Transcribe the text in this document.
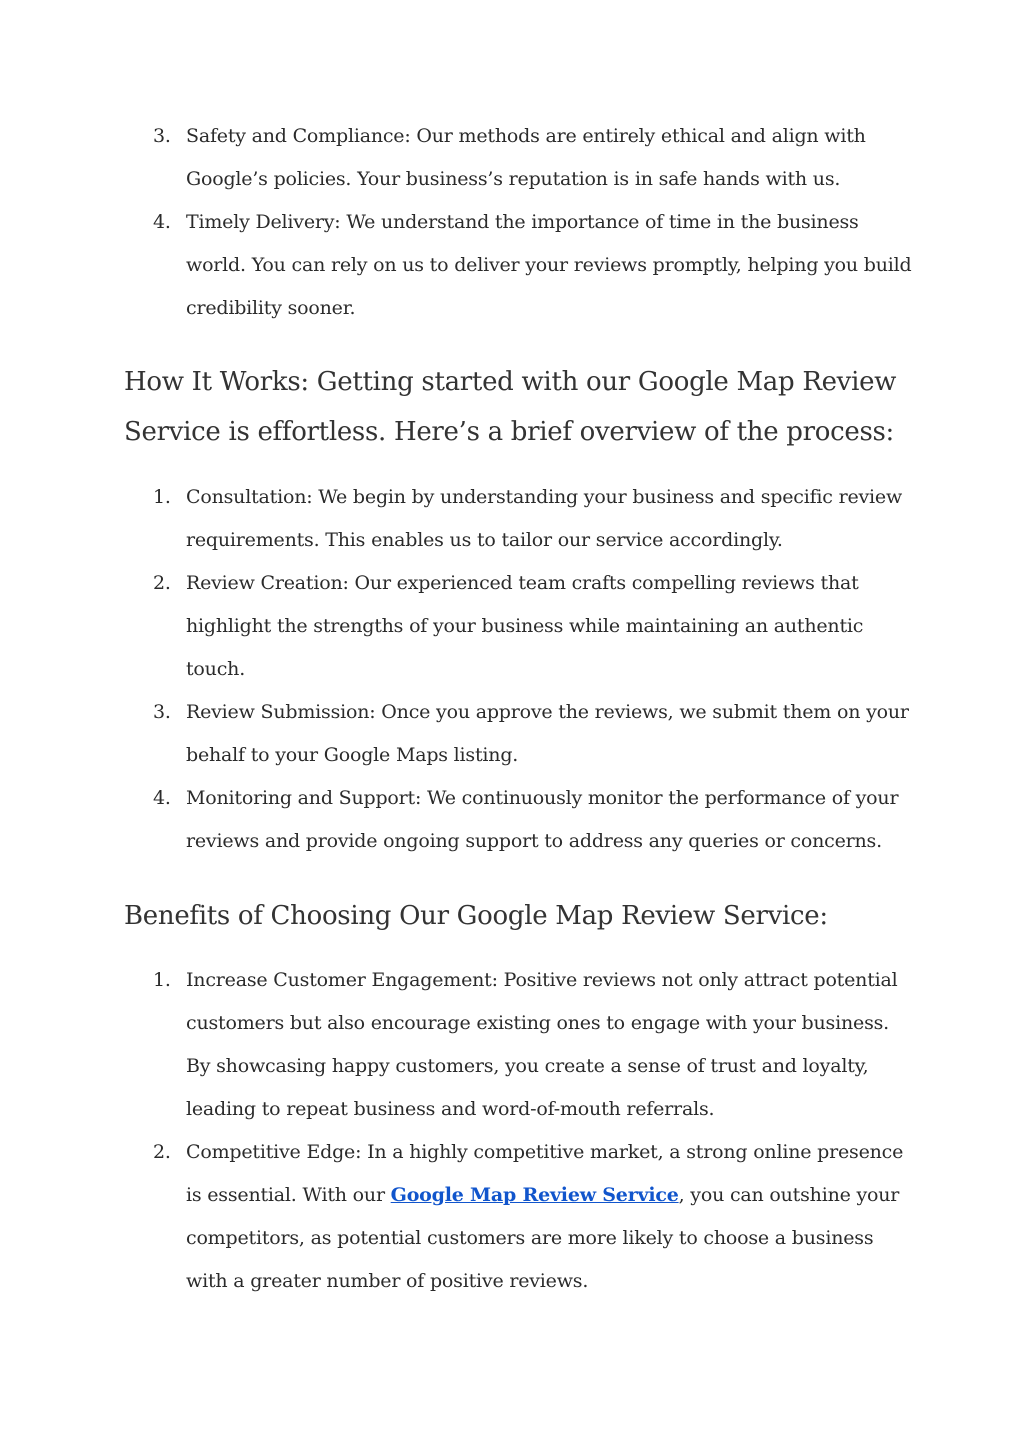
3. Safety and Compliance: Our methods are entirely ethical and align with Google’s policies. Your business’s reputation is in safe hands with us.
4. Timely Delivery: We understand the importance of time in the business world. You can rely on us to deliver your reviews promptly, helping you build credibility sooner.
How It Works: Getting started with our Google Map Review Service is effortless. Here’s a brief overview of the process:
1. Consultation: We begin by understanding your business and specific review requirements. This enables us to tailor our service accordingly.
2. Review Creation: Our experienced team crafts compelling reviews that highlight the strengths of your business while maintaining an authentic touch.
3. Review Submission: Once you approve the reviews, we submit them on your behalf to your Google Maps listing.
4. Monitoring and Support: We continuously monitor the performance of your reviews and provide ongoing support to address any queries or concerns.
Benefits of Choosing Our Google Map Review Service:
1. Increase Customer Engagement: Positive reviews not only attract potential customers but also encourage existing ones to engage with your business. By showcasing happy customers, you create a sense of trust and loyalty, leading to repeat business and word-of-mouth referrals.
2. Competitive Edge: In a highly competitive market, a strong online presence is essential. With our Google Map Review Service, you can outshine your competitors, as potential customers are more likely to choose a business with a greater number of positive reviews.
